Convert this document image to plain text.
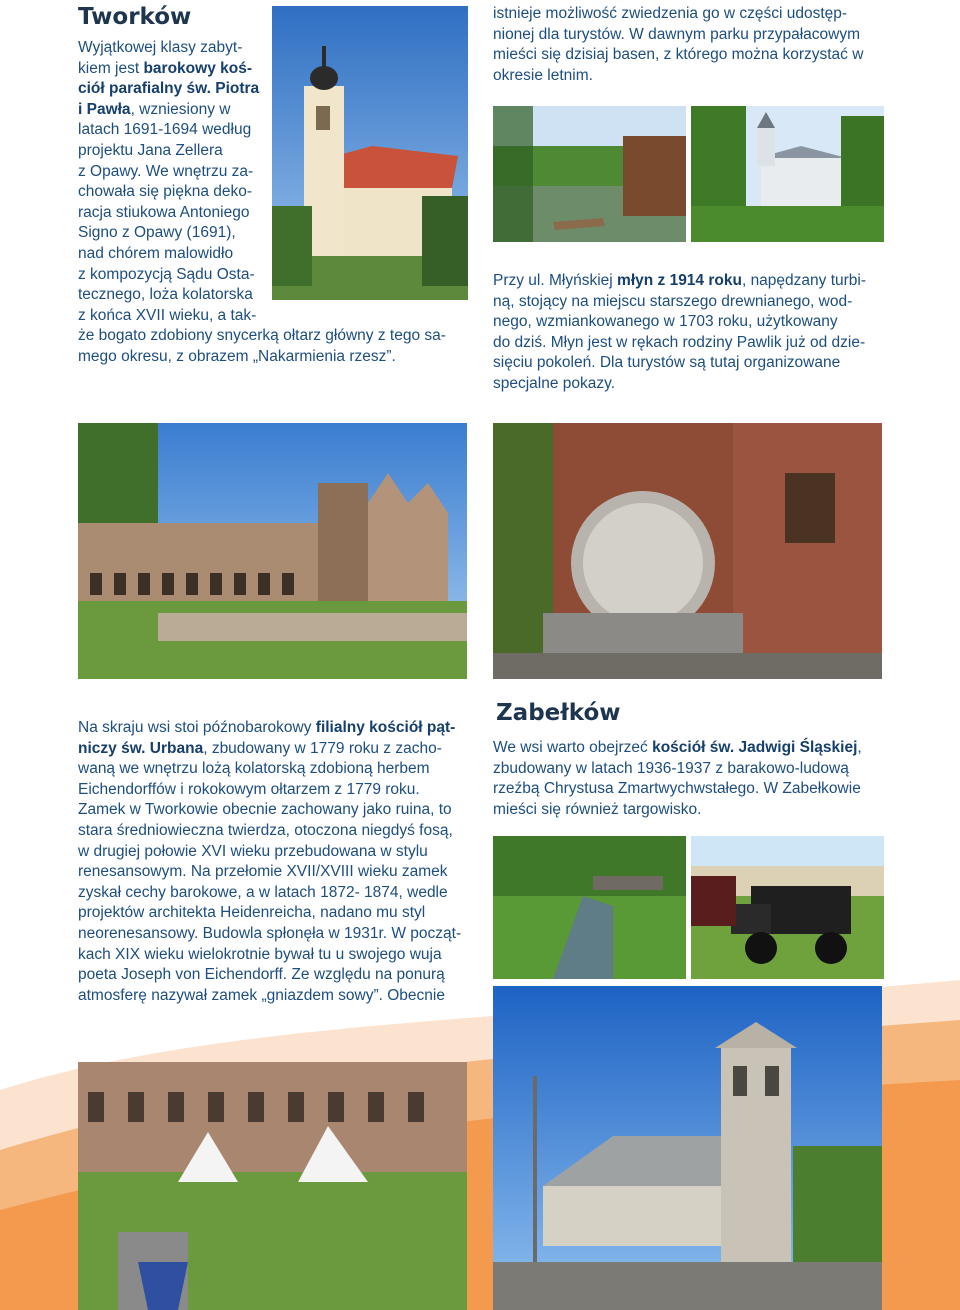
Tworków

Wyjątkowej klasy zabyt-

kiem jest barokowy koś-

ciół parafialny św. Piotra

i Pawła, wzniesiony w

latach 1691-1694 według

projektu Jana Zellera

z Opawy. We wnętrzu za-

chowała się piękna deko-

racja stiukowa Antoniego

Signo z Opawy (1691),

nad chórem malowidło

z kompozycją Sądu Osta-

tecznego, loża kolatorska

z końca XVII wieku, a tak-

że bogato zdobiony snycerką ołtarz główny z tego sa-

mego okresu, z obrazem „Nakarmienia rzesz”.

istnieje możliwość zwiedzenia go w części udostęp-

nionej dla turystów. W dawnym parku przypałacowym

mieści się dzisiaj basen, z którego można korzystać w

okresie letnim.

Przy ul. Młyńskiej młyn z 1914 roku, napędzany turbi-

ną, stojący na miejscu starszego drewnianego, wod-

nego, wzmiankowanego w 1703 roku, użytkowany

do dziś. Młyn jest w rękach rodziny Pawlik już od dzie-

sięciu pokoleń. Dla turystów są tutaj organizowane

specjalne pokazy.

Na skraju wsi stoi późnobarokowy filialny kościół pąt-

niczy św. Urbana, zbudowany w 1779 roku z zacho-

waną we wnętrzu lożą kolatorską zdobioną herbem

Eichendorffów i rokokowym ołtarzem z 1779 roku.

Zamek w Tworkowie obecnie zachowany jako ruina, to

stara średniowieczna twierdza, otoczona niegdyś fosą,

w drugiej połowie XVI wieku przebudowana w stylu

renesansowym. Na przełomie XVII/XVIII wieku zamek

zyskał cechy barokowe, a w latach 1872- 1874, wedle

projektów architekta Heidenreicha, nadano mu styl

neorenesansowy. Budowla spłonęła w 1931r. W począt-

kach XIX wieku wielokrotnie bywał tu u swojego wuja

poeta Joseph von Eichendorff. Ze względu na ponurą

atmosferę nazywał zamek „gniazdem sowy”. Obecnie

Zabełków

We wsi warto obejrzeć kościół św. Jadwigi Śląskiej,

zbudowany w latach 1936-1937 z barakowo-ludową

rzeźbą Chrystusa Zmartwychwstałego. W Zabełkowie

mieści się również targowisko.
